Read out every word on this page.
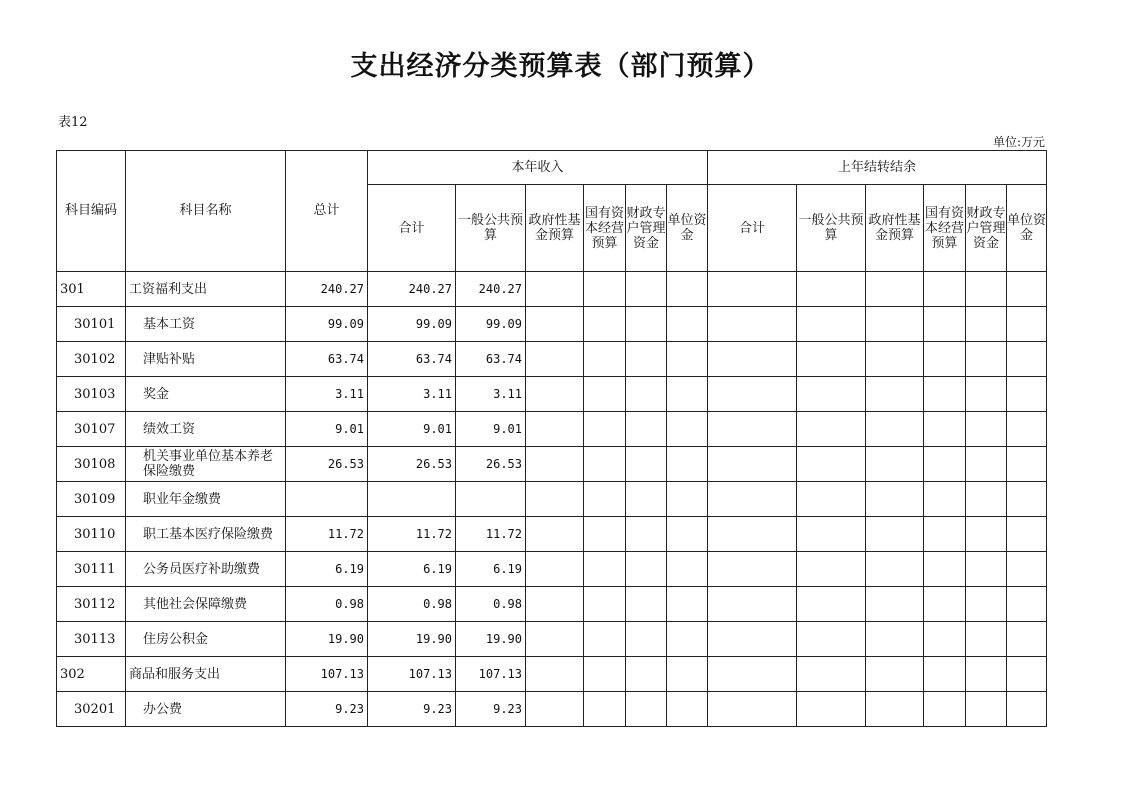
支出经济分类预算表（部门预算）
表12
单位:万元
科目编码	科目名称	总计	本年收入						上年结转结余					
			合计	一般公共预算	政府性基金预算	国有资本经营预算	财政专户管理资金	单位资金	合计	一般公共预算	政府性基金预算	国有资本经营预算	财政专户管理资金	单位资金
301	工资福利支出	240.27	240.27	240.27										
30101	基本工资	99.09	99.09	99.09										
30102	津贴补贴	63.74	63.74	63.74										
30103	奖金	3.11	3.11	3.11										
30107	绩效工资	9.01	9.01	9.01										
30108	机关事业单位基本养老保险缴费	26.53	26.53	26.53										
30109	职业年金缴费													
30110	职工基本医疗保险缴费	11.72	11.72	11.72										
30111	公务员医疗补助缴费	6.19	6.19	6.19										
30112	其他社会保障缴费	0.98	0.98	0.98										
30113	住房公积金	19.90	19.90	19.90										
302	商品和服务支出	107.13	107.13	107.13										
30201	办公费	9.23	9.23	9.23										
